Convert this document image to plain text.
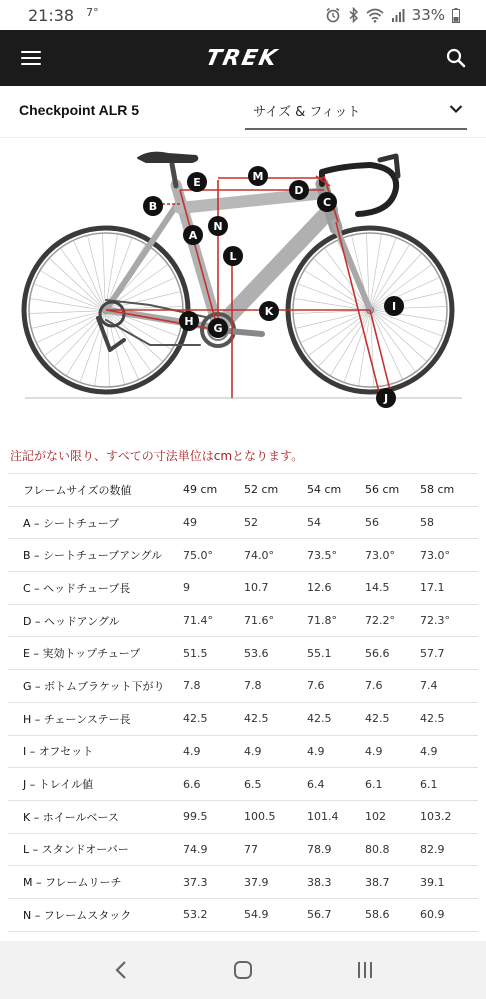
21:38 7°	33%
TREK
Checkpoint ALR 5	サイズ & フィット
A
B	C
D
E
G
H
I
J
K
L
M
N
注記がない限り、すべての寸法単位はcmとなります。
フレームサイズの数値	49 cm	52 cm	54 cm	56 cm	58 cm
A – シートチューブ	49	52	54	56	58
B – シートチューブアングル	75.0°	74.0°	73.5°	73.0°	73.0°
C – ヘッドチューブ長	9	10.7	12.6	14.5	17.1
D – ヘッドアングル	71.4°	71.6°	71.8°	72.2°	72.3°
E – 実効トップチューブ	51.5	53.6	55.1	56.6	57.7
G – ボトムブラケット下がり	7.8	7.8	7.6	7.6	7.4
H – チェーンステー長	42.5	42.5	42.5	42.5	42.5
I – オフセット	4.9	4.9	4.9	4.9	4.9
J – トレイル値	6.6	6.5	6.4	6.1	6.1
K – ホイールベース	99.5	100.5	101.4	102	103.2
L – スタンドオーバー	74.9	77	78.9	80.8	82.9
M – フレームリーチ	37.3	37.9	38.3	38.7	39.1
N – フレームスタック	53.2	54.9	56.7	58.6	60.9
